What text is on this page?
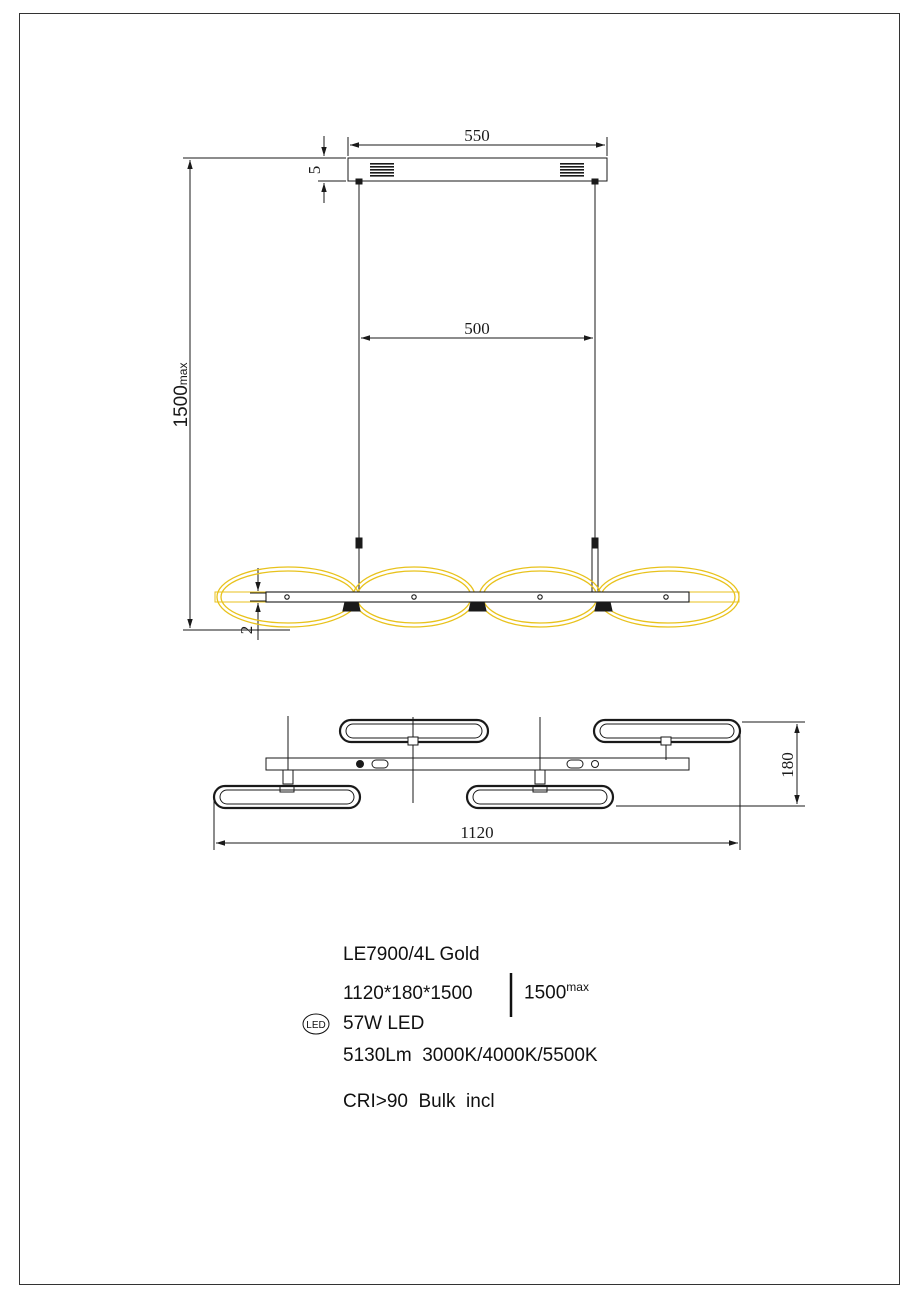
550
5
500
1500max
2
180
1120
LED
LE7900/4L Gold
1120*180*1500	$1500^{max}$
57W LED
5130Lm  3000K/4000K/5500K
CRI>90  Bulk  incl
